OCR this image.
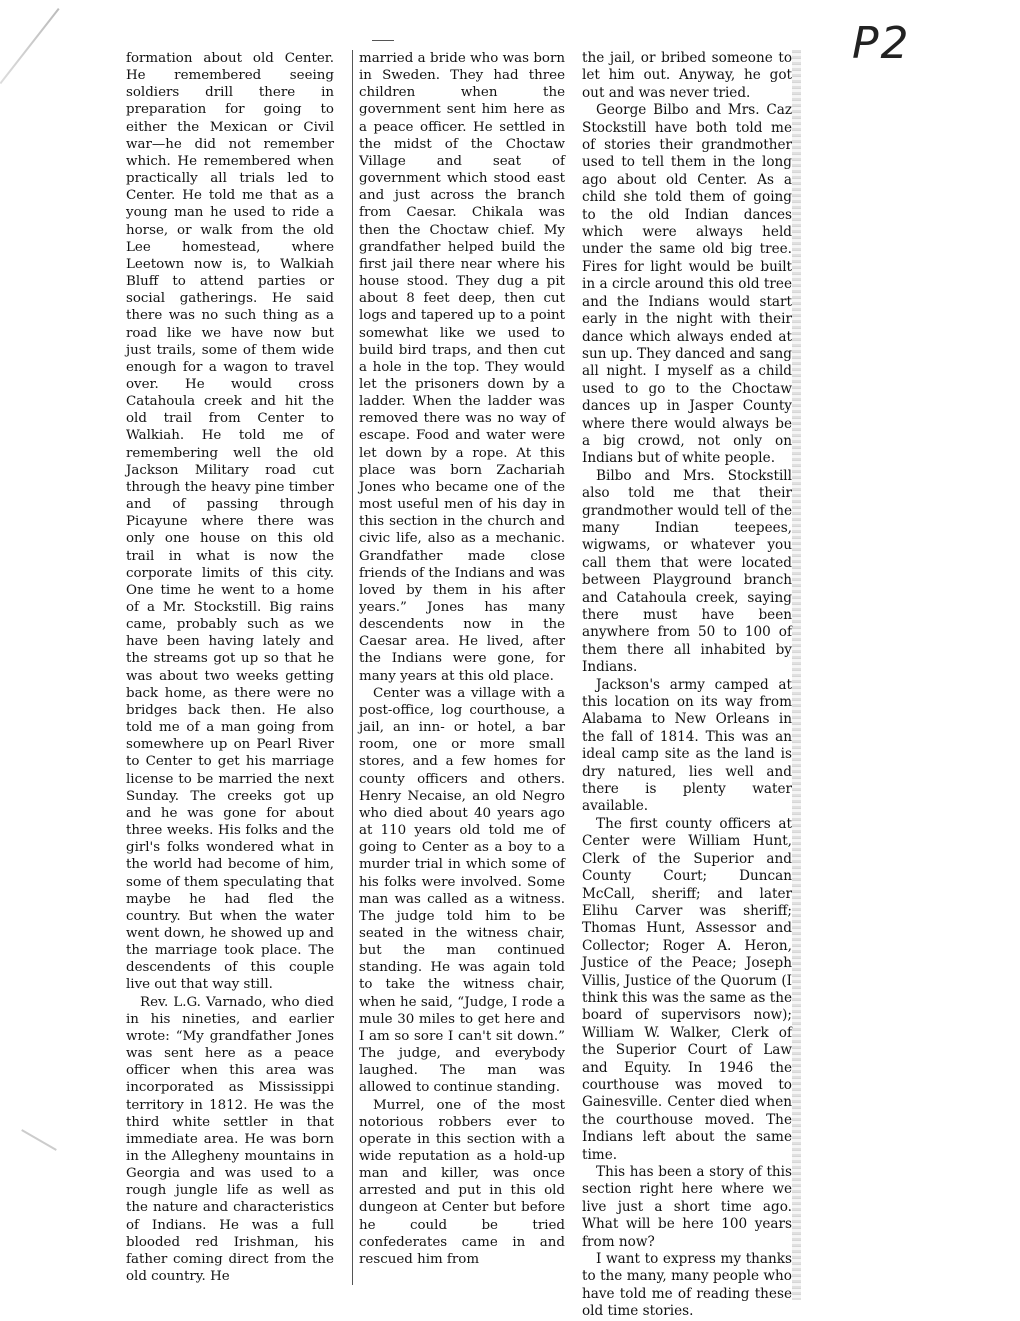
P2

formation about old Center. He remembered seeing soldiers drill there in preparation for going to either the Mexican or Civil war—he did not remember which. He remembered when practically all trials led to Center. He told me that as a young man he used to ride a horse, or walk from the old Lee homestead, where Leetown now is, to Walkiah Bluff to attend parties or social gatherings. He said there was no such thing as a road like we have now but just trails, some of them wide enough for a wagon to travel over. He would cross Catahoula creek and hit the old trail from Center to Walkiah. He told me of remembering well the old Jackson Military road cut through the heavy pine timber and of passing through Picayune where there was only one house on this old trail in what is now the corporate limits of this city. One time he went to a home of a Mr. Stockstill. Big rains came, probably such as we have been having lately and the streams got up so that he was about two weeks getting back home, as there were no bridges back then. He also told me of a man going from somewhere up on Pearl River to Center to get his marriage license to be married the next Sunday. The creeks got up and he was gone for about three weeks. His folks and the girl's folks wondered what in the world had become of him, some of them speculating that maybe he had fled the country. But when the water went down, he showed up and the marriage took place. The descendents of this couple live out that way still.

Rev. L.G. Varnado, who died in his nineties, and earlier wrote: “My grandfather Jones was sent here as a peace officer when this area was incorporated as Mississippi territory in 1812. He was the third white settler in that immediate area. He was born in the Allegheny mountains in Georgia and was used to a rough jungle life as well as the nature and characteristics of Indians. He was a full blooded red Irishman, his father coming direct from the old country. He

married a bride who was born in Sweden. They had three children when the government sent him here as a peace officer. He settled in the midst of the Choctaw Village and seat of government which stood east and just across the branch from Caesar. Chikala was then the Choctaw chief. My grandfather helped build the first jail there near where his house stood. They dug a pit about 8 feet deep, then cut logs and tapered up to a point somewhat like we used to build bird traps, and then cut a hole in the top. They would let the prisoners down by a ladder. When the ladder was removed there was no way of escape. Food and water were let down by a rope. At this place was born Zachariah Jones who became one of the most useful men of his day in this section in the church and civic life, also as a mechanic. Grandfather made close friends of the Indians and was loved by them in his after years.” Jones has many descendents now in the Caesar area. He lived, after the Indians were gone, for many years at this old place.

Center was a village with a post-office, log courthouse, a jail, an inn- or hotel, a bar room, one or more small stores, and a few homes for county officers and others. Henry Necaise, an old Negro who died about 40 years ago at 110 years old told me of going to Center as a boy to a murder trial in which some of his folks were involved. Some man was called as a witness. The judge told him to be seated in the witness chair, but the man continued standing. He was again told to take the witness chair, when he said, “Judge, I rode a mule 30 miles to get here and I am so sore I can't sit down.” The judge, and everybody laughed. The man was allowed to continue standing.

Murrel, one of the most notorious robbers ever to operate in this section with a wide reputation as a hold-up man and killer, was once arrested and put in this old dungeon at Center but before he could be tried confederates came in and rescued him from

the jail, or bribed someone to let him out. Anyway, he got out and was never tried.

George Bilbo and Mrs. Caz Stockstill have both told me of stories their grandmother used to tell them in the long ago about old Center. As a child she told them of going to the old Indian dances which were always held under the same old big tree. Fires for light would be built in a circle around this old tree and the Indians would start early in the night with their dance which always ended at sun up. They danced and sang all night. I myself as a child used to go to the Choctaw dances up in Jasper County where there would always be a big crowd, not only on Indians but of white people.

Bilbo and Mrs. Stockstill also told me that their grandmother would tell of the many Indian teepees, wigwams, or whatever you call them that were located between Playground branch and Catahoula creek, saying there must have been anywhere from 50 to 100 of them there all inhabited by Indians.

Jackson's army camped at this location on its way from Alabama to New Orleans in the fall of 1814. This was an ideal camp site as the land is dry natured, lies well and there is plenty water available.

The first county officers at Center were William Hunt, Clerk of the Superior and County Court; Duncan McCall, sheriff; and later Elihu Carver was sheriff; Thomas Hunt, Assessor and Collector; Roger A. Heron, Justice of the Peace; Joseph Villis, Justice of the Quorum (I think this was the same as the board of supervisors now); William W. Walker, Clerk of the Superior Court of Law and Equity. In 1946 the courthouse was moved to Gainesville. Center died when the courthouse moved. The Indians left about the same time.

This has been a story of this section right here where we live just a short time ago. What will be here 100 years from now?

I want to express my thanks to the many, many people who have told me of reading these old time stories.
